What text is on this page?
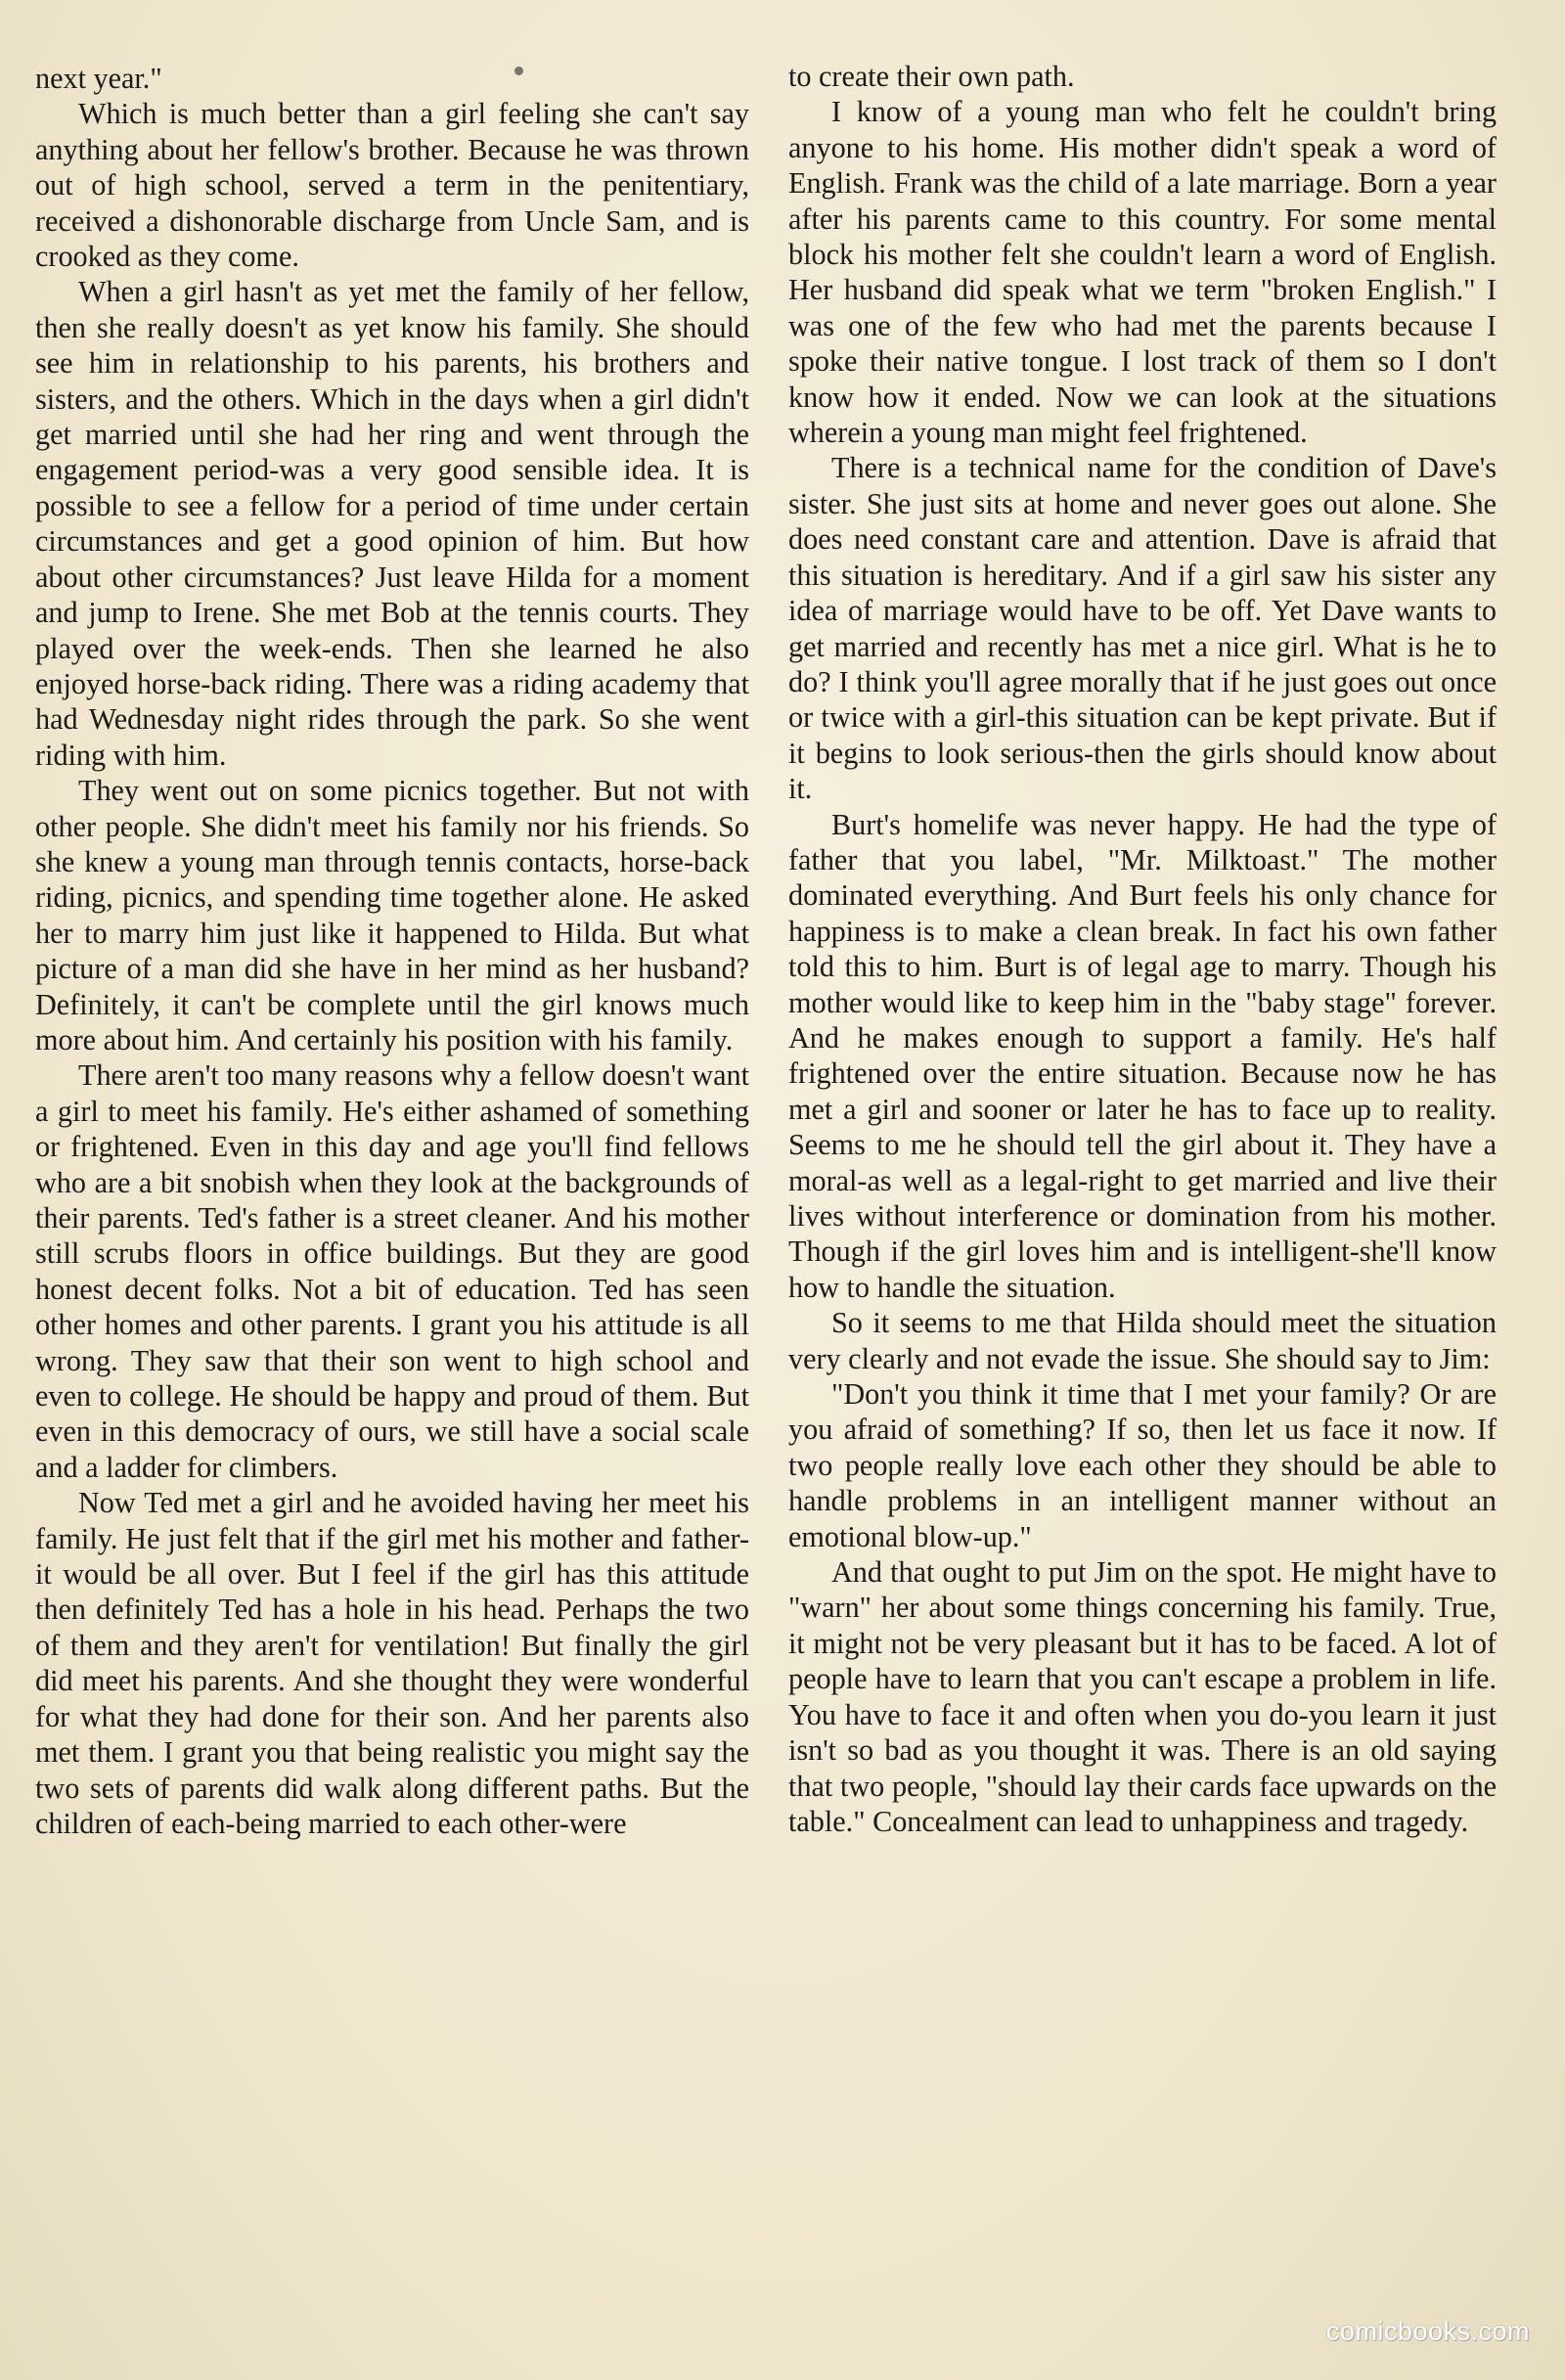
next year."

Which is much better than a girl feeling she can't say anything about her fellow's brother. Because he was thrown out of high school, served a term in the penitentiary, received a dishonorable discharge from Uncle Sam, and is crooked as they come.

When a girl hasn't as yet met the family of her fellow, then she really doesn't as yet know his family. She should see him in relationship to his parents, his brothers and sisters, and the others. Which in the days when a girl didn't get married until she had her ring and went through the engagement period-was a very good sensible idea. It is possible to see a fellow for a period of time under certain circumstances and get a good opinion of him. But how about other circumstances? Just leave Hilda for a moment and jump to Irene. She met Bob at the tennis courts. They played over the week-ends. Then she learned he also enjoyed horse-back riding. There was a riding academy that had Wednesday night rides through the park. So she went riding with him.

They went out on some picnics together. But not with other people. She didn't meet his family nor his friends. So she knew a young man through tennis contacts, horse-back riding, picnics, and spending time together alone. He asked her to marry him just like it happened to Hilda. But what picture of a man did she have in her mind as her husband? Definitely, it can't be complete until the girl knows much more about him. And certainly his position with his family.

There aren't too many reasons why a fellow doesn't want a girl to meet his family. He's either ashamed of something or frightened. Even in this day and age you'll find fellows who are a bit snobish when they look at the backgrounds of their parents. Ted's father is a street cleaner. And his mother still scrubs floors in office buildings. But they are good honest decent folks. Not a bit of education. Ted has seen other homes and other parents. I grant you his attitude is all wrong. They saw that their son went to high school and even to college. He should be happy and proud of them. But even in this democracy of ours, we still have a social scale and a ladder for climbers.

Now Ted met a girl and he avoided having her meet his family. He just felt that if the girl met his mother and father-it would be all over. But I feel if the girl has this attitude then definitely Ted has a hole in his head. Perhaps the two of them and they aren't for ventilation! But finally the girl did meet his parents. And she thought they were wonderful for what they had done for their son. And her parents also met them. I grant you that being realistic you might say the two sets of parents did walk along different paths. But the children of each-being married to each other-were

to create their own path.

I know of a young man who felt he couldn't bring anyone to his home. His mother didn't speak a word of English. Frank was the child of a late marriage. Born a year after his parents came to this country. For some mental block his mother felt she couldn't learn a word of English. Her husband did speak what we term "broken English." I was one of the few who had met the parents because I spoke their native tongue. I lost track of them so I don't know how it ended. Now we can look at the situations wherein a young man might feel frightened.

There is a technical name for the condition of Dave's sister. She just sits at home and never goes out alone. She does need constant care and attention. Dave is afraid that this situation is hereditary. And if a girl saw his sister any idea of marriage would have to be off. Yet Dave wants to get married and recently has met a nice girl. What is he to do? I think you'll agree morally that if he just goes out once or twice with a girl-this situation can be kept private. But if it begins to look serious-then the girls should know about it.

Burt's homelife was never happy. He had the type of father that you label, "Mr. Milktoast." The mother dominated everything. And Burt feels his only chance for happiness is to make a clean break. In fact his own father told this to him. Burt is of legal age to marry. Though his mother would like to keep him in the "baby stage" forever. And he makes enough to support a family. He's half frightened over the entire situation. Because now he has met a girl and sooner or later he has to face up to reality. Seems to me he should tell the girl about it. They have a moral-as well as a legal-right to get married and live their lives without interference or domination from his mother. Though if the girl loves him and is intelligent-she'll know how to handle the situation.

So it seems to me that Hilda should meet the situation very clearly and not evade the issue. She should say to Jim:

"Don't you think it time that I met your family? Or are you afraid of something? If so, then let us face it now. If two people really love each other they should be able to handle problems in an intelligent manner without an emotional blow-up."

And that ought to put Jim on the spot. He might have to "warn" her about some things concerning his family. True, it might not be very pleasant but it has to be faced. A lot of people have to learn that you can't escape a problem in life. You have to face it and often when you do-you learn it just isn't so bad as you thought it was. There is an old saying that two people, "should lay their cards face upwards on the table." Concealment can lead to unhappiness and tragedy.

comicbooks.com
